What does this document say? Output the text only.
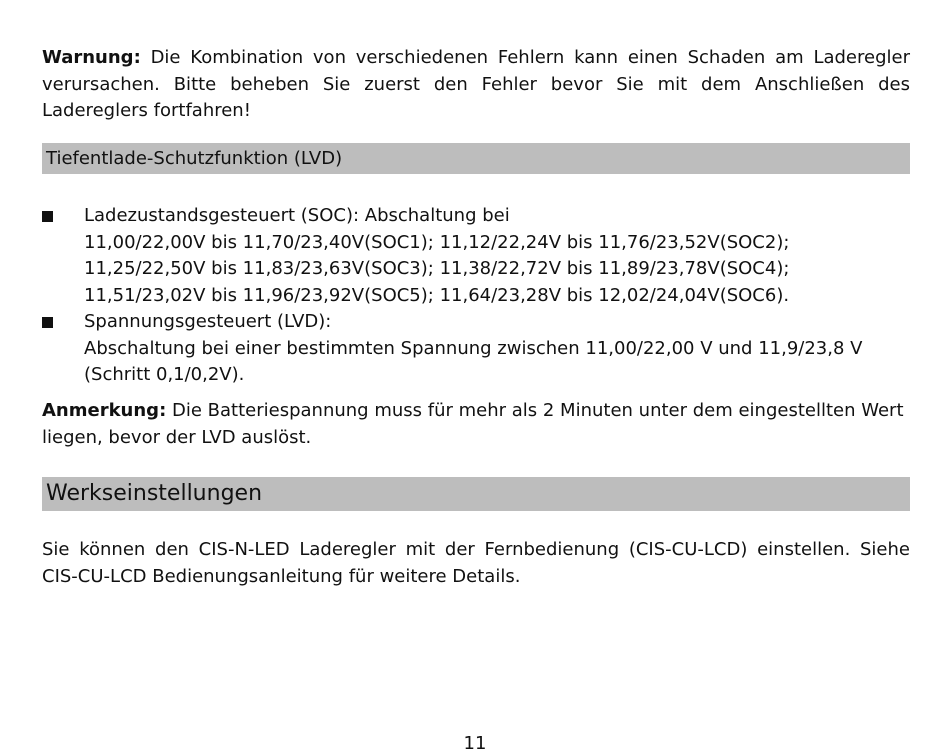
Warnung: Die Kombination von verschiedenen Fehlern kann einen Schaden am Laderegler verursachen. Bitte beheben Sie zuerst den Fehler bevor Sie mit dem Anschließen des Ladereglers fortfahren!

Tiefentlade-Schutzfunktion (LVD)
Ladezustandsgesteuert (SOC): Abschaltung bei
11,00/22,00V bis 11,70/23,40V(SOC1); 11,12/22,24V bis 11,76/23,52V(SOC2);
11,25/22,50V bis 11,83/23,63V(SOC3); 11,38/22,72V bis 11,89/23,78V(SOC4);
11,51/23,02V bis 11,96/23,92V(SOC5); 11,64/23,28V bis 12,02/24,04V(SOC6).
Spannungsgesteuert (LVD):
Abschaltung bei einer bestimmten Spannung zwischen 11,00/22,00 V und 11,9/23,8 V
(Schritt 0,1/0,2V).

Anmerkung: Die Batteriespannung muss für mehr als 2 Minuten unter dem eingestellten Wert liegen, bevor der LVD auslöst.

Werkseinstellungen

Sie können den CIS-N-LED Laderegler mit der Fernbedienung (CIS-CU-LCD) einstellen. Siehe CIS-CU-LCD Bedienungsanleitung für weitere Details.

11
